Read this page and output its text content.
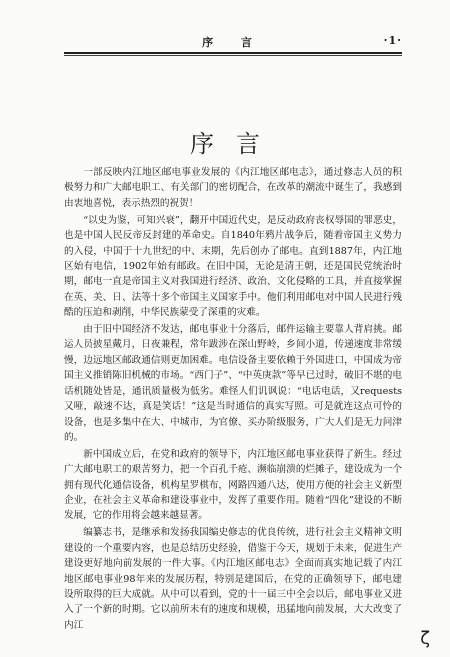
序 言	·1·
序言

一部反映内江地区邮电事业发展的《内江地区邮电志》，通过修志人员的积极努力和广大邮电职工、有关部门的密切配合，在改革的潮流中诞生了，我感到由衷地喜悦，表示热烈的祝贺！

“以史为鉴，可知兴衰”，翻开中国近代史，是反动政府丧权辱国的罪恶史，也是中国人民反帝反封建的革命史。自1840年鸦片战争后，随着帝国主义势力的入侵，中国于十九世纪的中、末期，先后创办了邮电。直到1887年，内江地区始有电信，1902年始有邮政。在旧中国，无论是清王朝，还是国民党统治时期，邮电一直是帝国主义对我国进行经济、政治、文化侵略的工具，并直接掌握在英、美、日、法等十多个帝国主义国家手中。他们利用邮电对中国人民进行残酷的压迫和剥削，中华民族蒙受了深重的灾难。

由于旧中国经济不发达，邮电事业十分落后，邮件运输主要靠人背肩挑。邮运人员披星戴月，日夜兼程，常年跋涉在深山野岭，乡间小道，传递速度非常缓慢，边远地区邮政通信则更加困难。电信设备主要依赖于外国进口，中国成为帝国主义推销陈旧机械的市场。“西门子”、“中英庚款”等早已过时，破旧不堪的电话机随处皆是，通讯质量极为低劣。难怪人们讥讽说：“电话电话，又requests又哑，敲速不达，真是笑话！”这是当时通信的真实写照。可是就连这点可怜的设备，也是多集中在大、中城市，为官僚、买办阶级服务，广大人们是无力问津的。

新中国成立后，在党和政府的领导下，内江地区邮电事业获得了新生。经过广大邮电职工的艰苦努力，把一个百孔千疮、濒临崩溃的烂摊子，建设成为一个拥有现代化通信设备，机构星罗棋布，网路四通八达，使用方便的社会主义新型企业，在社会主义革命和建设事业中，发挥了重要作用。随着“四化”建设的不断发展，它的作用将会越来越显著。

编纂志书，是继承和发扬我国编史修志的优良传统，进行社会主义精神文明建设的一个重要内容，也是总结历史经验，借鉴于今天，规划于未来，促进生产建设更好地向前发展的一件大事。《内江地区邮电志》全面而真实地记载了内江地区邮电事业98年来的发展历程，特别是建国后，在党的正确领导下，邮电建设所取得的巨大成就。从中可以看到，党的十一届三中全会以后，邮电事业又进入了一个新的时期。它以前所未有的速度和规模，迅猛地向前发展，大大改变了内江

ζ
